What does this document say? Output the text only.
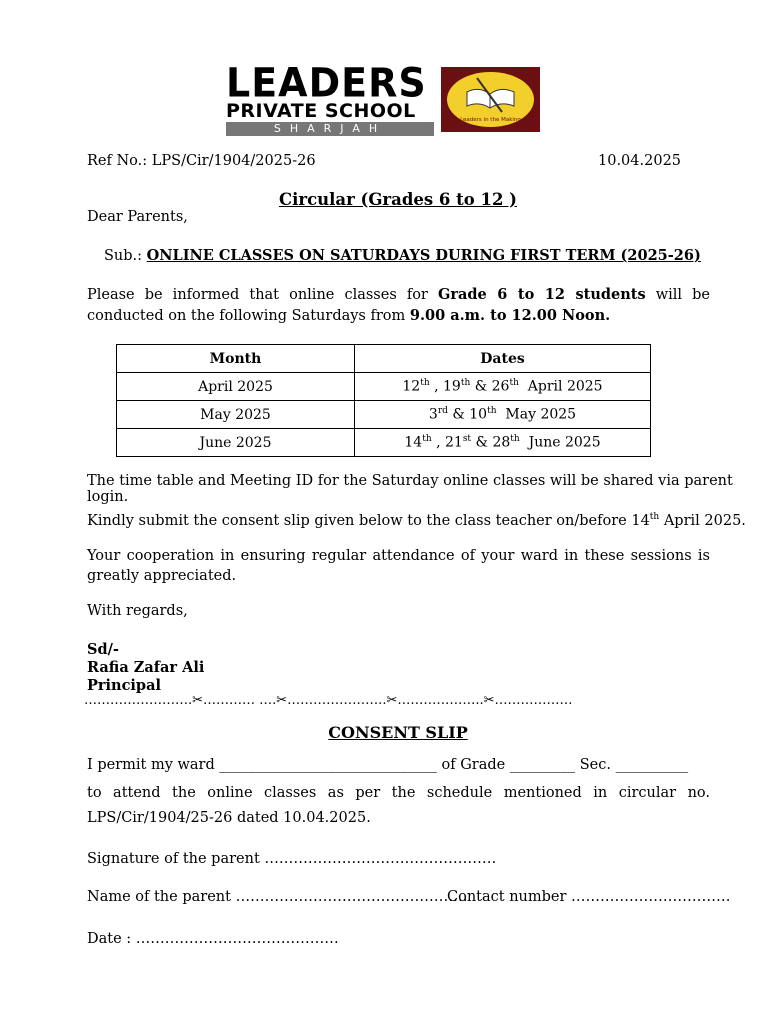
LEADERS
PRIVATE SCHOOL
SHARJAH
Leaders in the Making
Ref No.: LPS/Cir/1904/2025-26	10.04.2025
Circular (Grades 6 to 12 )
Dear Parents,
Sub.: ONLINE CLASSES ON SATURDAYS DURING FIRST TERM (2025-26)
Please be informed that online classes for Grade 6 to 12 students will be conducted on the following Saturdays from 9.00 a.m. to 12.00 Noon.
Month	Dates
April 2025	12th , 19th & 26th April 2025
May 2025	3rd & 10th May 2025
June 2025	14th , 21st & 28th June 2025
The time table and Meeting ID for the Saturday online classes will be shared via parent login.
Kindly submit the consent slip given below to the class teacher on/before 14th April 2025.
Your cooperation in ensuring regular attendance of your ward in these sessions is greatly appreciated.
With regards,
Sd/-
Rafia Zafar Ali
Principal
…………………….✂………… ….✂…………………..✂………………..✂………………
CONSENT SLIP
I permit my ward ______________________________ of Grade _________ Sec. __________
to attend the online classes as per the schedule mentioned in circular no. LPS/Cir/1904/25-26 dated 10.04.2025.
Signature of the parent …………………………………………
Name of the parent …………………………………………
Contact number ……………………………
Date : ……………………………………
